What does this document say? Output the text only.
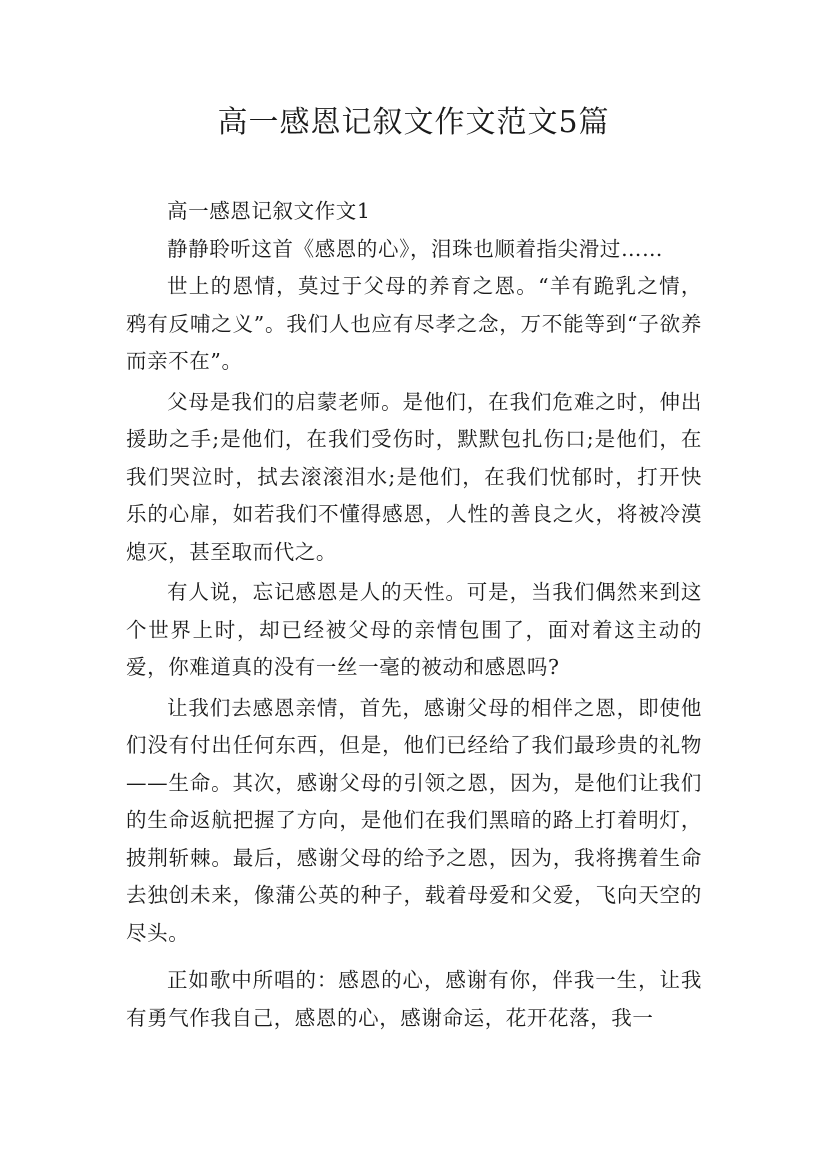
高一感恩记叙文作文范文5篇

高一感恩记叙文作文1

静静聆听这首《感恩的心》，泪珠也顺着指尖滑过……

世上的恩情，莫过于父母的养育之恩。“羊有跪乳之情，鸦有反哺之义”。我们人也应有尽孝之念，万不能等到“子欲养而亲不在”。

父母是我们的启蒙老师。是他们，在我们危难之时，伸出援助之手;是他们，在我们受伤时，默默包扎伤口;是他们，在我们哭泣时，拭去滚滚泪水;是他们，在我们忧郁时，打开快乐的心扉，如若我们不懂得感恩，人性的善良之火，将被冷漠熄灭，甚至取而代之。

有人说，忘记感恩是人的天性。可是，当我们偶然来到这个世界上时，却已经被父母的亲情包围了，面对着这主动的爱，你难道真的没有一丝一毫的被动和感恩吗?

让我们去感恩亲情，首先，感谢父母的相伴之恩，即使他们没有付出任何东西，但是，他们已经给了我们最珍贵的礼物——生命。其次，感谢父母的引领之恩，因为，是他们让我们的生命返航把握了方向，是他们在我们黑暗的路上打着明灯，披荆斩棘。最后，感谢父母的给予之恩，因为，我将携着生命去独创未来，像蒲公英的种子，载着母爱和父爱，飞向天空的尽头。

正如歌中所唱的：感恩的心，感谢有你，伴我一生，让我有勇气作我自己，感恩的心，感谢命运，花开花落，我一
